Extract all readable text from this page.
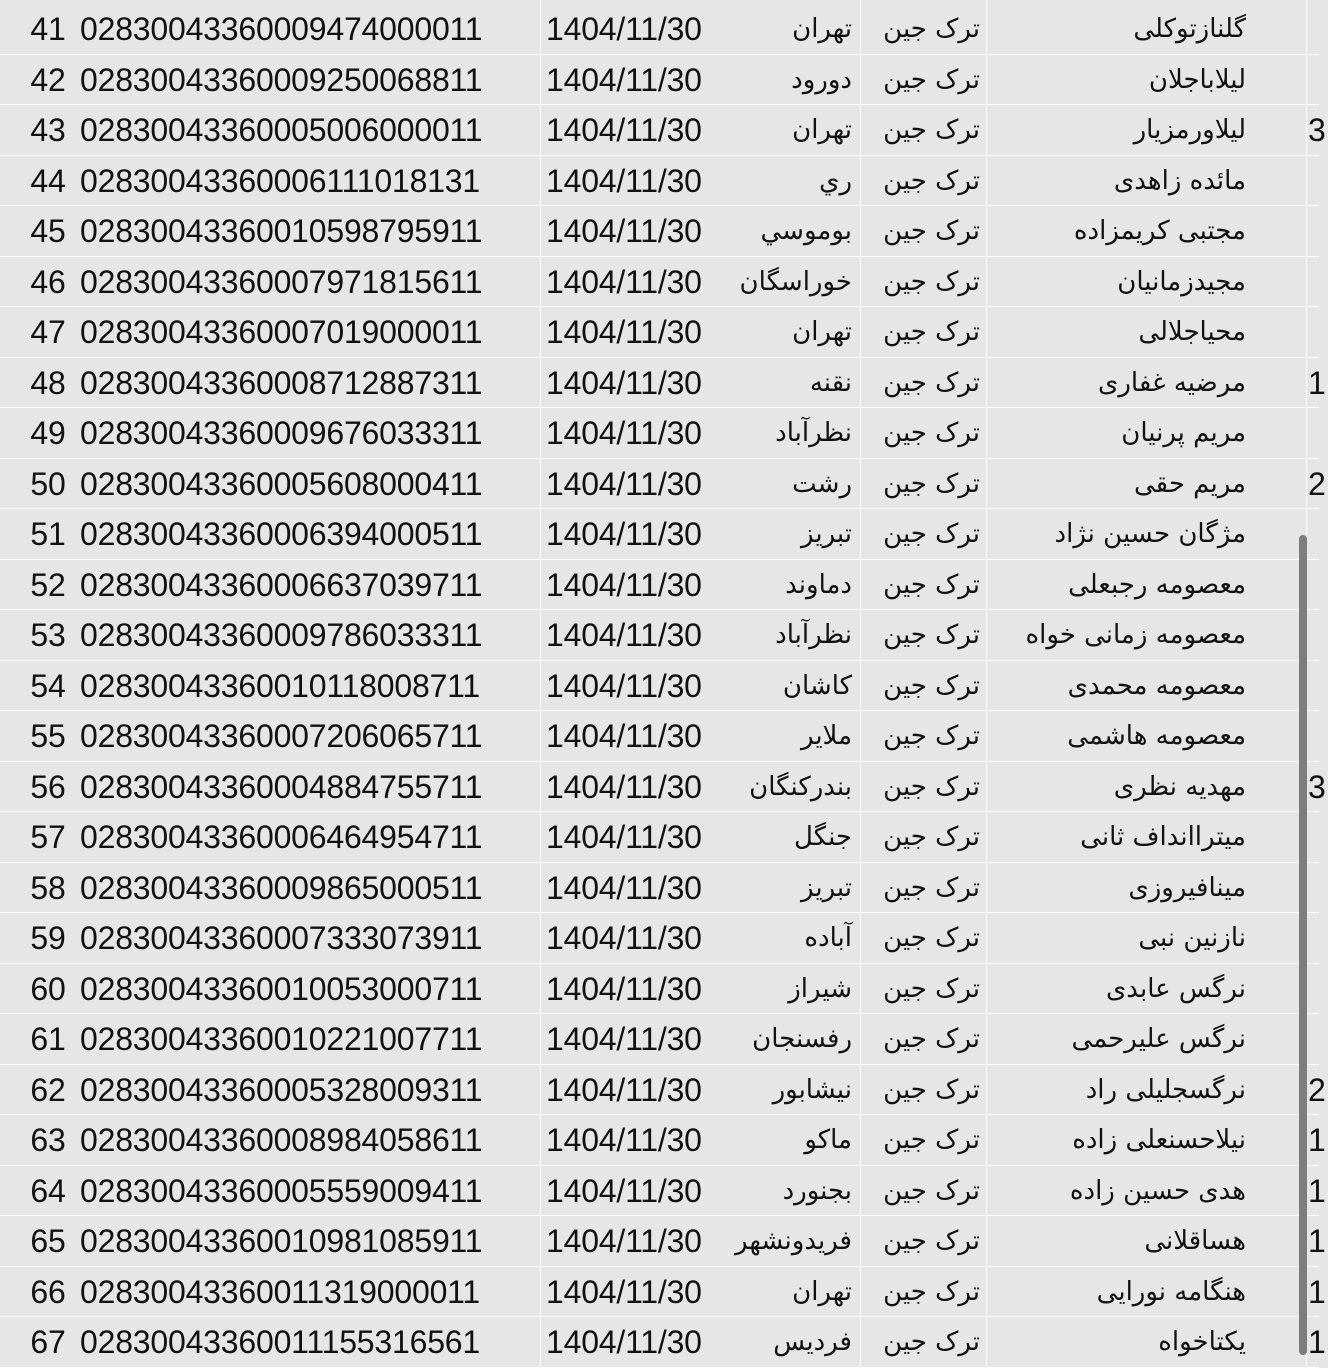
41 02830043360009474000011	1404/11/30	تهران	ترک جین	گلنازتوکلی
42 02830043360009250068811	1404/11/30	دورود	ترک جین	لیلاباجلان
43 02830043360005006000011	1404/11/30	تهران	ترک جین	لیلاورمزیار 3
44 02830043360006111018131	1404/11/30	ري	ترک جین	مائده زاهدی
45 02830043360010598795911	1404/11/30	بوموسي	ترک جین	مجتبی کریمزاده
46 02830043360007971815611	1404/11/30	خوراسگان	ترک جین	مجیدزمانیان
47 02830043360007019000011	1404/11/30	تهران	ترک جین	محیاجلالی
48 02830043360008712887311	1404/11/30	نقنه	ترک جین	مرضیه غفاری 1
49 02830043360009676033311	1404/11/30	نظرآباد	ترک جین	مریم پرنیان
50 02830043360005608000411	1404/11/30	رشت	ترک جین	مریم حقی 2
51 02830043360006394000511	1404/11/30	تبریز	ترک جین	مژگان حسین نژاد
52 02830043360006637039711	1404/11/30	دماوند	ترک جین	معصومه رجبعلی
53 02830043360009786033311	1404/11/30	نظرآباد	ترک جین	معصومه زمانی خواه
54 02830043360010118008711	1404/11/30	کاشان	ترک جین	معصومه محمدی
55 02830043360007206065711	1404/11/30	ملایر	ترک جین	معصومه هاشمی
56 02830043360004884755711	1404/11/30	بندرکنگان	ترک جین	مهدیه نظری 3
57 02830043360006464954711	1404/11/30	جنگل	ترک جین	میتراانداف ثانی
58 02830043360009865000511	1404/11/30	تبریز	ترک جین	مینافیروزی
59 02830043360007333073911	1404/11/30	آباده	ترک جین	نازنین نبی
60 02830043360010053000711	1404/11/30	شیراز	ترک جین	نرگس عابدی
61 02830043360010221007711	1404/11/30	رفسنجان	ترک جین	نرگس علیرحمی
62 02830043360005328009311	1404/11/30	نیشابور	ترک جین	نرگسجلیلی راد 2
63 02830043360008984058611	1404/11/30	ماکو	ترک جین	نیلاحسنعلی زاده 1
64 02830043360005559009411	1404/11/30	بجنورد	ترک جین	هدی حسین زاده 1
65 02830043360010981085911	1404/11/30	فریدونشهر	ترک جین	هساقلانی 1
66 02830043360011319000011	1404/11/30	تهران	ترک جین	هنگامه نورایی 1
67 02830043360011155316561	1404/11/30	فردیس	ترک جین	یکتاخواه 1
